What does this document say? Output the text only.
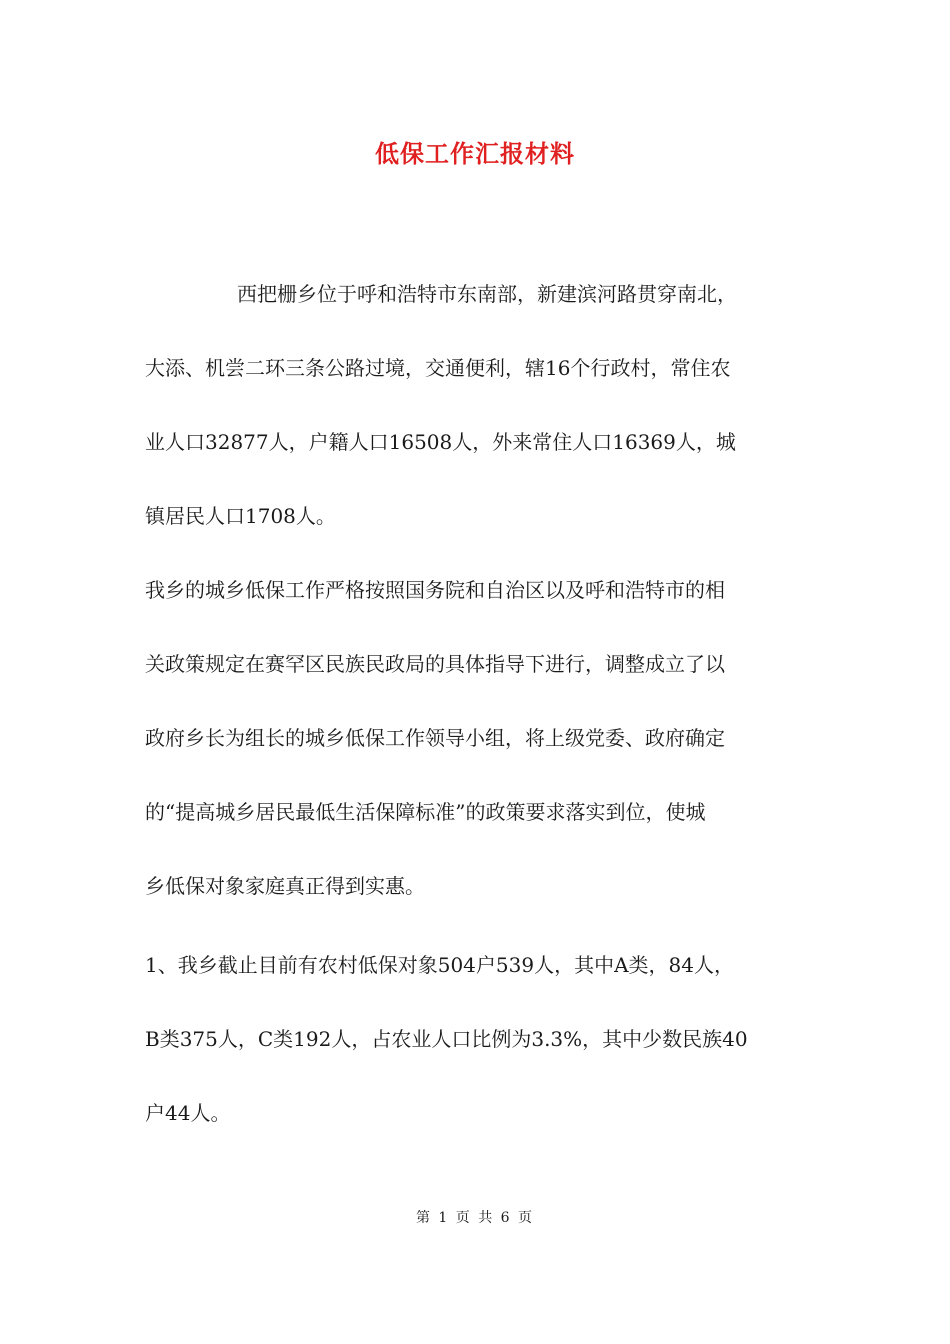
低保工作汇报材料
西把栅乡位于呼和浩特市东南部，新建滨河路贯穿南北，
大添、机尝二环三条公路过境，交通便利，辖16个行政村，常住农
业人口32877人，户籍人口16508人，外来常住人口16369人，城
镇居民人口1708人。
我乡的城乡低保工作严格按照国务院和自治区以及呼和浩特市的相
关政策规定在赛罕区民族民政局的具体指导下进行，调整成立了以
政府乡长为组长的城乡低保工作领导小组，将上级党委、政府确定
的“提高城乡居民最低生活保障标准”的政策要求落实到位，使城
乡低保对象家庭真正得到实惠。
1、我乡截止目前有农村低保对象504户539人，其中A类，84人，
B类375人，C类192人，占农业人口比例为3.3%，其中少数民族40
户44人。
第 1 页 共 6 页
